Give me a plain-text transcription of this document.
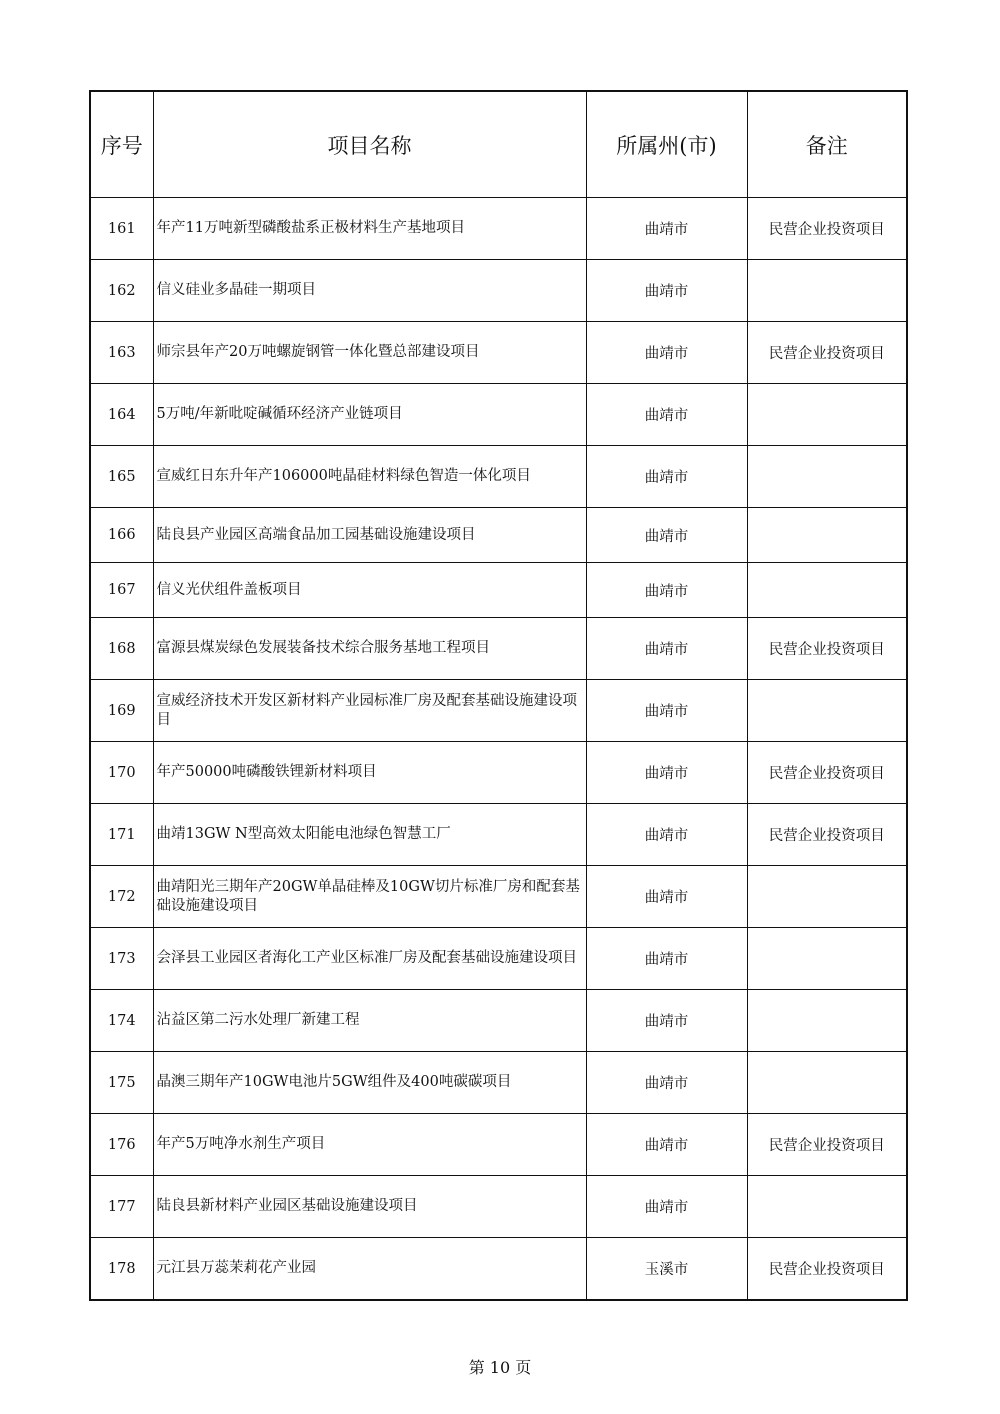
序号	项目名称	所属州(市)	备注
161	年产11万吨新型磷酸盐系正极材料生产基地项目	曲靖市	民营企业投资项目
162	信义硅业多晶硅一期项目	曲靖市	
163	师宗县年产20万吨螺旋钢管一体化暨总部建设项目	曲靖市	民营企业投资项目
164	5万吨/年新吡啶碱循环经济产业链项目	曲靖市	
165	宣威红日东升年产106000吨晶硅材料绿色智造一体化项目	曲靖市	
166	陆良县产业园区高端食品加工园基础设施建设项目	曲靖市	
167	信义光伏组件盖板项目	曲靖市	
168	富源县煤炭绿色发展装备技术综合服务基地工程项目	曲靖市	民营企业投资项目
169	宣威经济技术开发区新材料产业园标准厂房及配套基础设施建设项目	曲靖市	
170	年产50000吨磷酸铁锂新材料项目	曲靖市	民营企业投资项目
171	曲靖13GW N型高效太阳能电池绿色智慧工厂	曲靖市	民营企业投资项目
172	曲靖阳光三期年产20GW单晶硅棒及10GW切片标准厂房和配套基础设施建设项目	曲靖市	
173	会泽县工业园区者海化工产业区标准厂房及配套基础设施建设项目	曲靖市	
174	沾益区第二污水处理厂新建工程	曲靖市	
175	晶澳三期年产10GW电池片5GW组件及400吨碳碳项目	曲靖市	
176	年产5万吨净水剂生产项目	曲靖市	民营企业投资项目
177	陆良县新材料产业园区基础设施建设项目	曲靖市	
178	元江县万蕊茉莉花产业园	玉溪市	民营企业投资项目
第 10 页
